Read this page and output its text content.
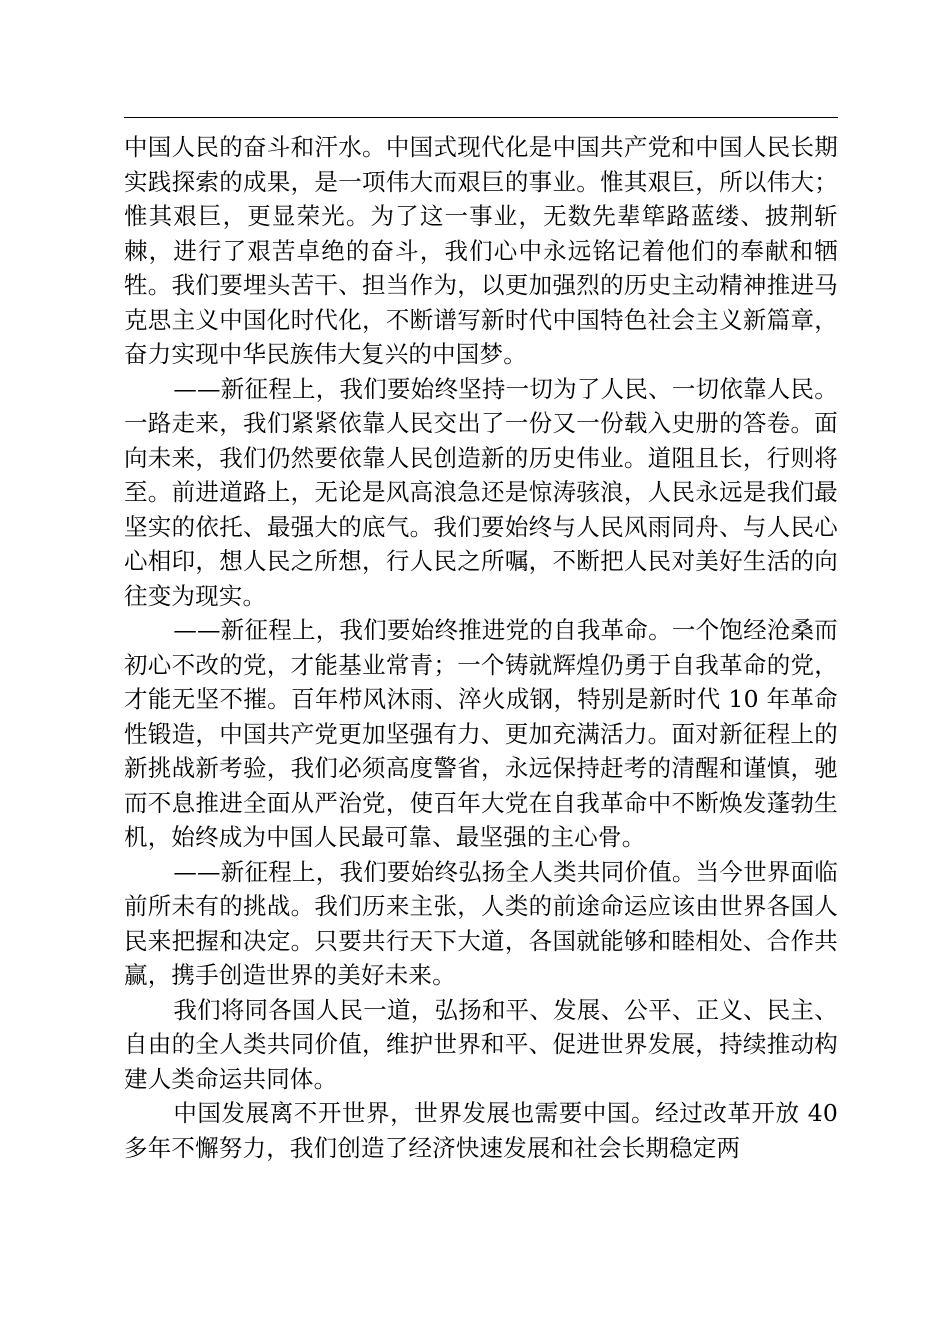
中国人民的奋斗和汗水。中国式现代化是中国共产党和中国人民长期实践探索的成果，是一项伟大而艰巨的事业。惟其艰巨，所以伟大；惟其艰巨，更显荣光。为了这一事业，无数先辈筚路蓝缕、披荆斩棘，进行了艰苦卓绝的奋斗，我们心中永远铭记着他们的奉献和牺牲。我们要埋头苦干、担当作为，以更加强烈的历史主动精神推进马克思主义中国化时代化，不断谱写新时代中国特色社会主义新篇章，奋力实现中华民族伟大复兴的中国梦。

——新征程上，我们要始终坚持一切为了人民、一切依靠人民。一路走来，我们紧紧依靠人民交出了一份又一份载入史册的答卷。面向未来，我们仍然要依靠人民创造新的历史伟业。道阻且长，行则将至。前进道路上，无论是风高浪急还是惊涛骇浪，人民永远是我们最坚实的依托、最强大的底气。我们要始终与人民风雨同舟、与人民心心相印，想人民之所想，行人民之所嘱，不断把人民对美好生活的向往变为现实。

——新征程上，我们要始终推进党的自我革命。一个饱经沧桑而初心不改的党，才能基业常青；一个铸就辉煌仍勇于自我革命的党，才能无坚不摧。百年栉风沐雨、淬火成钢，特别是新时代 10 年革命性锻造，中国共产党更加坚强有力、更加充满活力。面对新征程上的新挑战新考验，我们必须高度警省，永远保持赶考的清醒和谨慎，驰而不息推进全面从严治党，使百年大党在自我革命中不断焕发蓬勃生机，始终成为中国人民最可靠、最坚强的主心骨。

——新征程上，我们要始终弘扬全人类共同价值。当今世界面临前所未有的挑战。我们历来主张，人类的前途命运应该由世界各国人民来把握和决定。只要共行天下大道，各国就能够和睦相处、合作共赢，携手创造世界的美好未来。

我们将同各国人民一道，弘扬和平、发展、公平、正义、民主、自由的全人类共同价值，维护世界和平、促进世界发展，持续推动构建人类命运共同体。

中国发展离不开世界，世界发展也需要中国。经过改革开放 40 多年不懈努力，我们创造了经济快速发展和社会长期稳定两
